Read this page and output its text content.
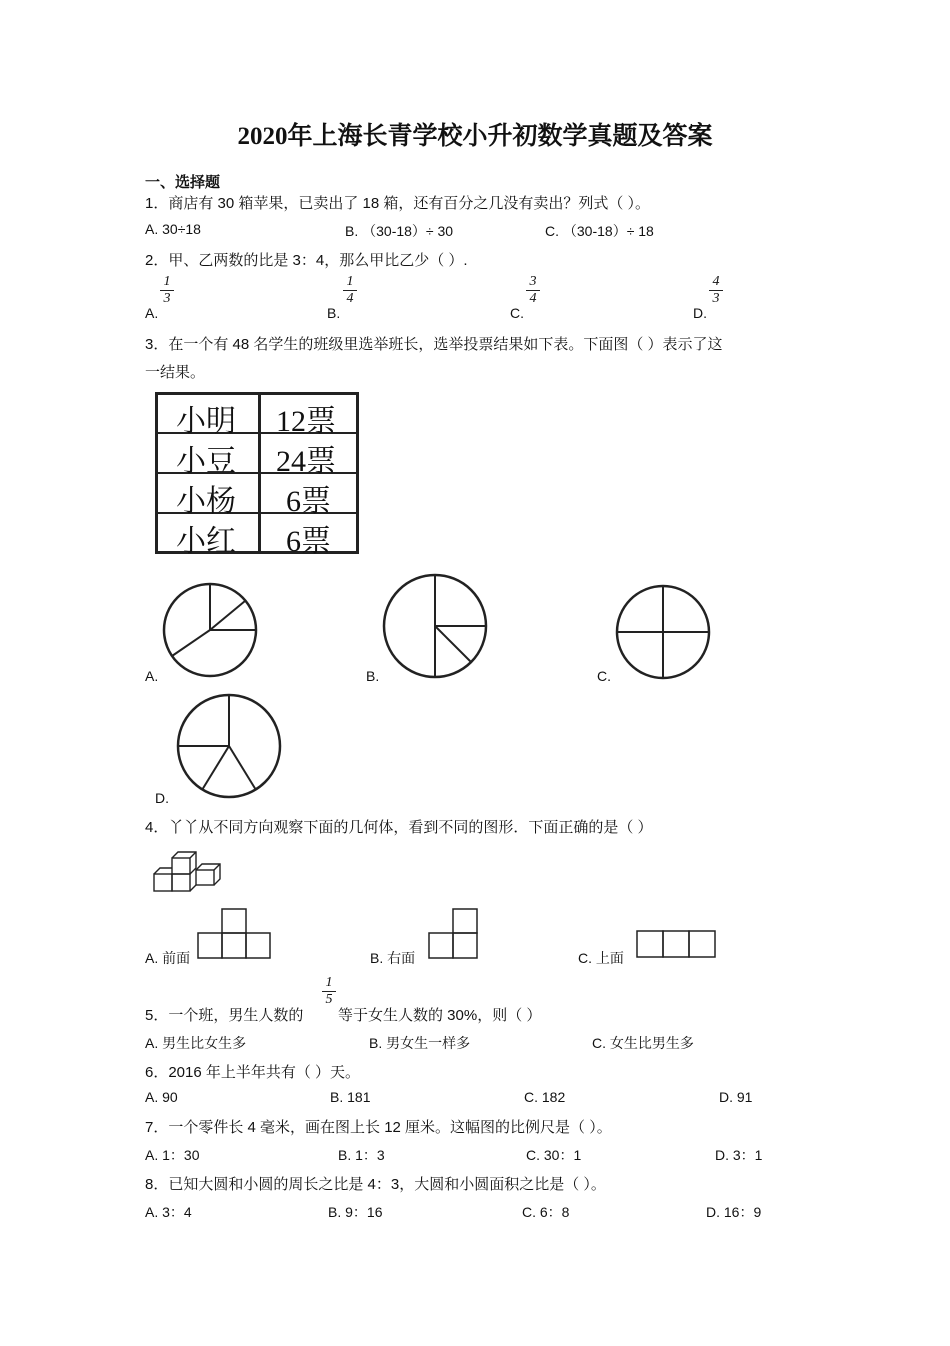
2020年上海长青学校小升初数学真题及答案
一、选择题
1．商店有 30 箱苹果，已卖出了 18 箱，还有百分之几没有卖出？列式（ ）。
A. 30÷18	B. （30-18）÷ 30	C. （30-18）÷ 18
2．甲、乙两数的比是 3：4，那么甲比乙少（ ）.
A.
1
3
B.
1
4
C.
3
4
D.
4
3
3．在一个有 48 名学生的班级里选举班长，选举投票结果如下表。下面图（ ）表示了这
一结果。
小明 12票
小豆 24票
小杨 6票
小红 6票
A.	B.	C.
D.
4．丫丫从不同方向观察下面的几何体，看到不同的图形．下面正确的是（ ）
A. 前面	B. 右面	C. 上面
5．一个班，男生人数的
1
5
等于女生人数的 30%，则（ ）
A. 男生比女生多	B. 男女生一样多	C. 女生比男生多
6．2016 年上半年共有（ ）天。
A. 90	B. 181	C. 182	D. 91
7．一个零件长 4 毫米，画在图上长 12 厘米。这幅图的比例尺是（ ）。
A. 1：30	B. 1：3	C. 30：1	D. 3：1
8．已知大圆和小圆的周长之比是 4：3，大圆和小圆面积之比是（ ）。
A. 3：4	B. 9：16	C. 6：8	D. 16：9
